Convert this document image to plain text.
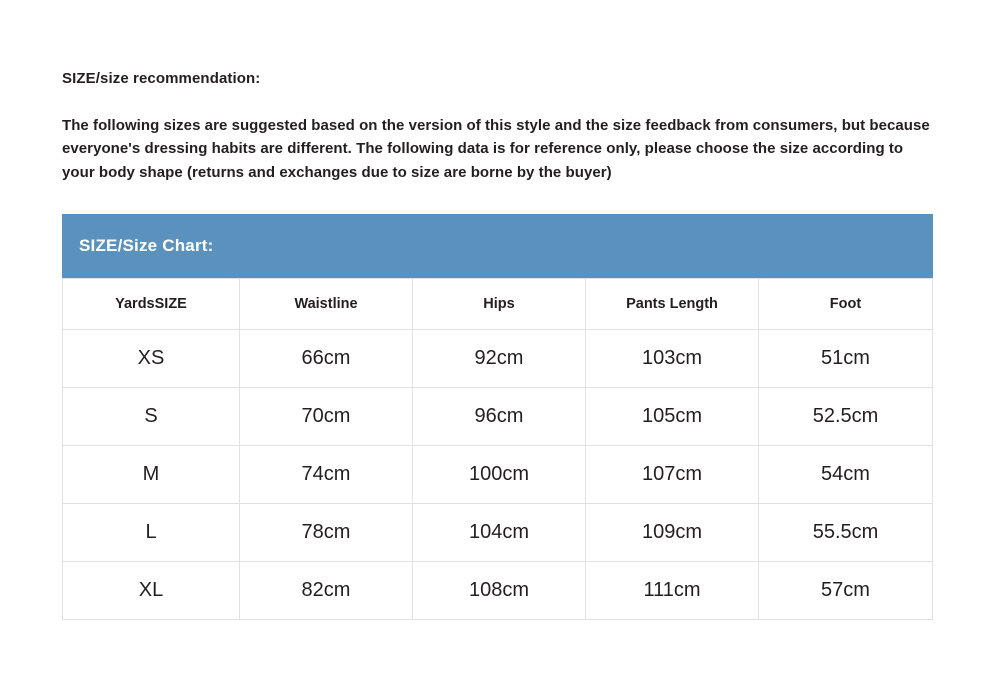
SIZE/size recommendation:

The following sizes are suggested based on the version of this style and the size feedback from consumers, but because everyone's dressing habits are different. The following data is for reference only, please choose the size according to your body shape (returns and exchanges due to size are borne by the buyer)

SIZE/Size Chart:
YardsSIZE	Waistline	Hips	Pants Length	Foot
XS	66cm	92cm	103cm	51cm
S	70cm	96cm	105cm	52.5cm
M	74cm	100cm	107cm	54cm
L	78cm	104cm	109cm	55.5cm
XL	82cm	108cm	111cm	57cm
